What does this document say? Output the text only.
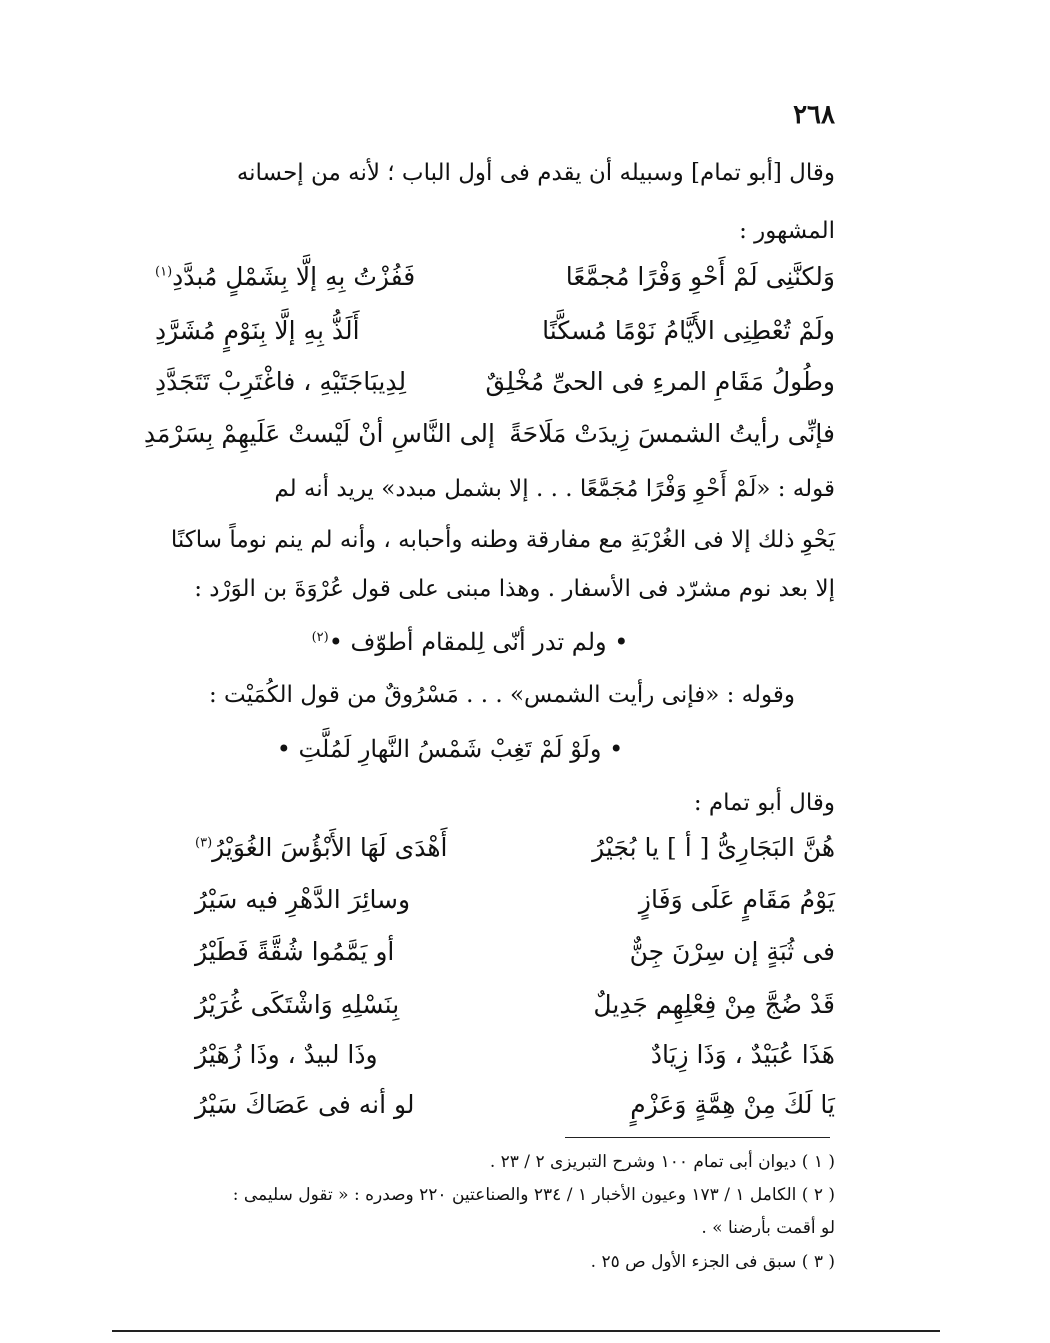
٢٦٨
وقال [أبو تمام] وسبيله أن يقدم فى أول الباب ؛ لأنه من إحسانه
المشهور :
وَلكنَّنِى لَمْ أَحْوِ وَفْرًا مُجمَّعًا
فَفُزْتُ بِهِ إلَّا بِشَمْلٍ مُبدَّدِ$^{(١)}$
ولَمْ تُعْطِنِى الأَيَّامُ نَوْمًا مُسكَّنًا
أَلَذُّ بِهِ إلَّا بِنَوْمٍ مُشَرَّدِ
وطُولُ مَقَامِ المرءِ فى الحىِّ مُخْلِقٌ
لِدِيبَاجَتَيْهِ ، فاغْتَرِبْ تَتَجَدَّدِ
فإنِّى رأيتُ الشمسَ زِيدَتْ مَلَاحَةً
إلى النَّاسِ أنْ لَيْستْ عَلَيهِمْ بِسَرْمَدِ
قوله : «لَمْ أَحْوِ وَفْرًا مُجَمَّعًا . . . إلا بشمل مبدد» يريد أنه لم
يَحْوِ ذلك إلا فى الغُرْبَةِ مع مفارقة وطنه وأحبابه ، وأنه لم ينم نوماً ساكنًا
إلا بعد نوم مشرّد فى الأسفار . وهذا مبنى على قول عُرْوَةَ بن الوَرْد :
• ولم تدر أنّى لِلمقام أطوّف •$^{(٢)}$
وقوله : «فإنى رأيت الشمس» . . . مَسْرُوقٌ من قول الكُمَيْت :
• ولَوْ لَمْ تَغِبْ شَمْسُ النَّهارِ لَمُلَّتِ •
وقال أبو تمام :
هُنَّ البَجَارِىُّ [ أ ] يا بُجَيْرُ
أَهْدَى لَهَا الأَبْؤُسَ الغُوَيْرُ$^{(٣)}$
يَوْمُ مَقَامٍ عَلَى وَفَازٍ
وسائِرَ الدَّهْرِ فيه سَيْرُ
فى ثُبَةٍ إن سِرْنَ جِنٌّ
أو يَمَّمُوا شُقَّةً فَطَيْرُ
قَدْ ضُجَّ مِنْ فِعْلِهِم جَدِيلٌ
بِنَسْلِهِ وَاشْتَكَى غُرَيْرُ
هَذَا عُبَيْدٌ ، وَذَا زِيَادٌ
وذَا لبيدٌ ، وذَا زُهَيْرُ
يَا لَكَ مِنْ هِمَّةٍ وَعَزْمٍ
لو أنه فى عَصَاكَ سَيْرُ
( ١ ) ديوان أبى تمام ١٠٠ وشرح التبريزى ٢ / ٢٣ .
( ٢ ) الكامل ١ / ١٧٣ وعيون الأخبار ١ / ٢٣٤ والصناعتين ٢٢٠ وصدره : « تقول سليمى :
لو أقمت بأرضنا » .
( ٣ ) سبق فى الجزء الأول ص ٢٥ .
